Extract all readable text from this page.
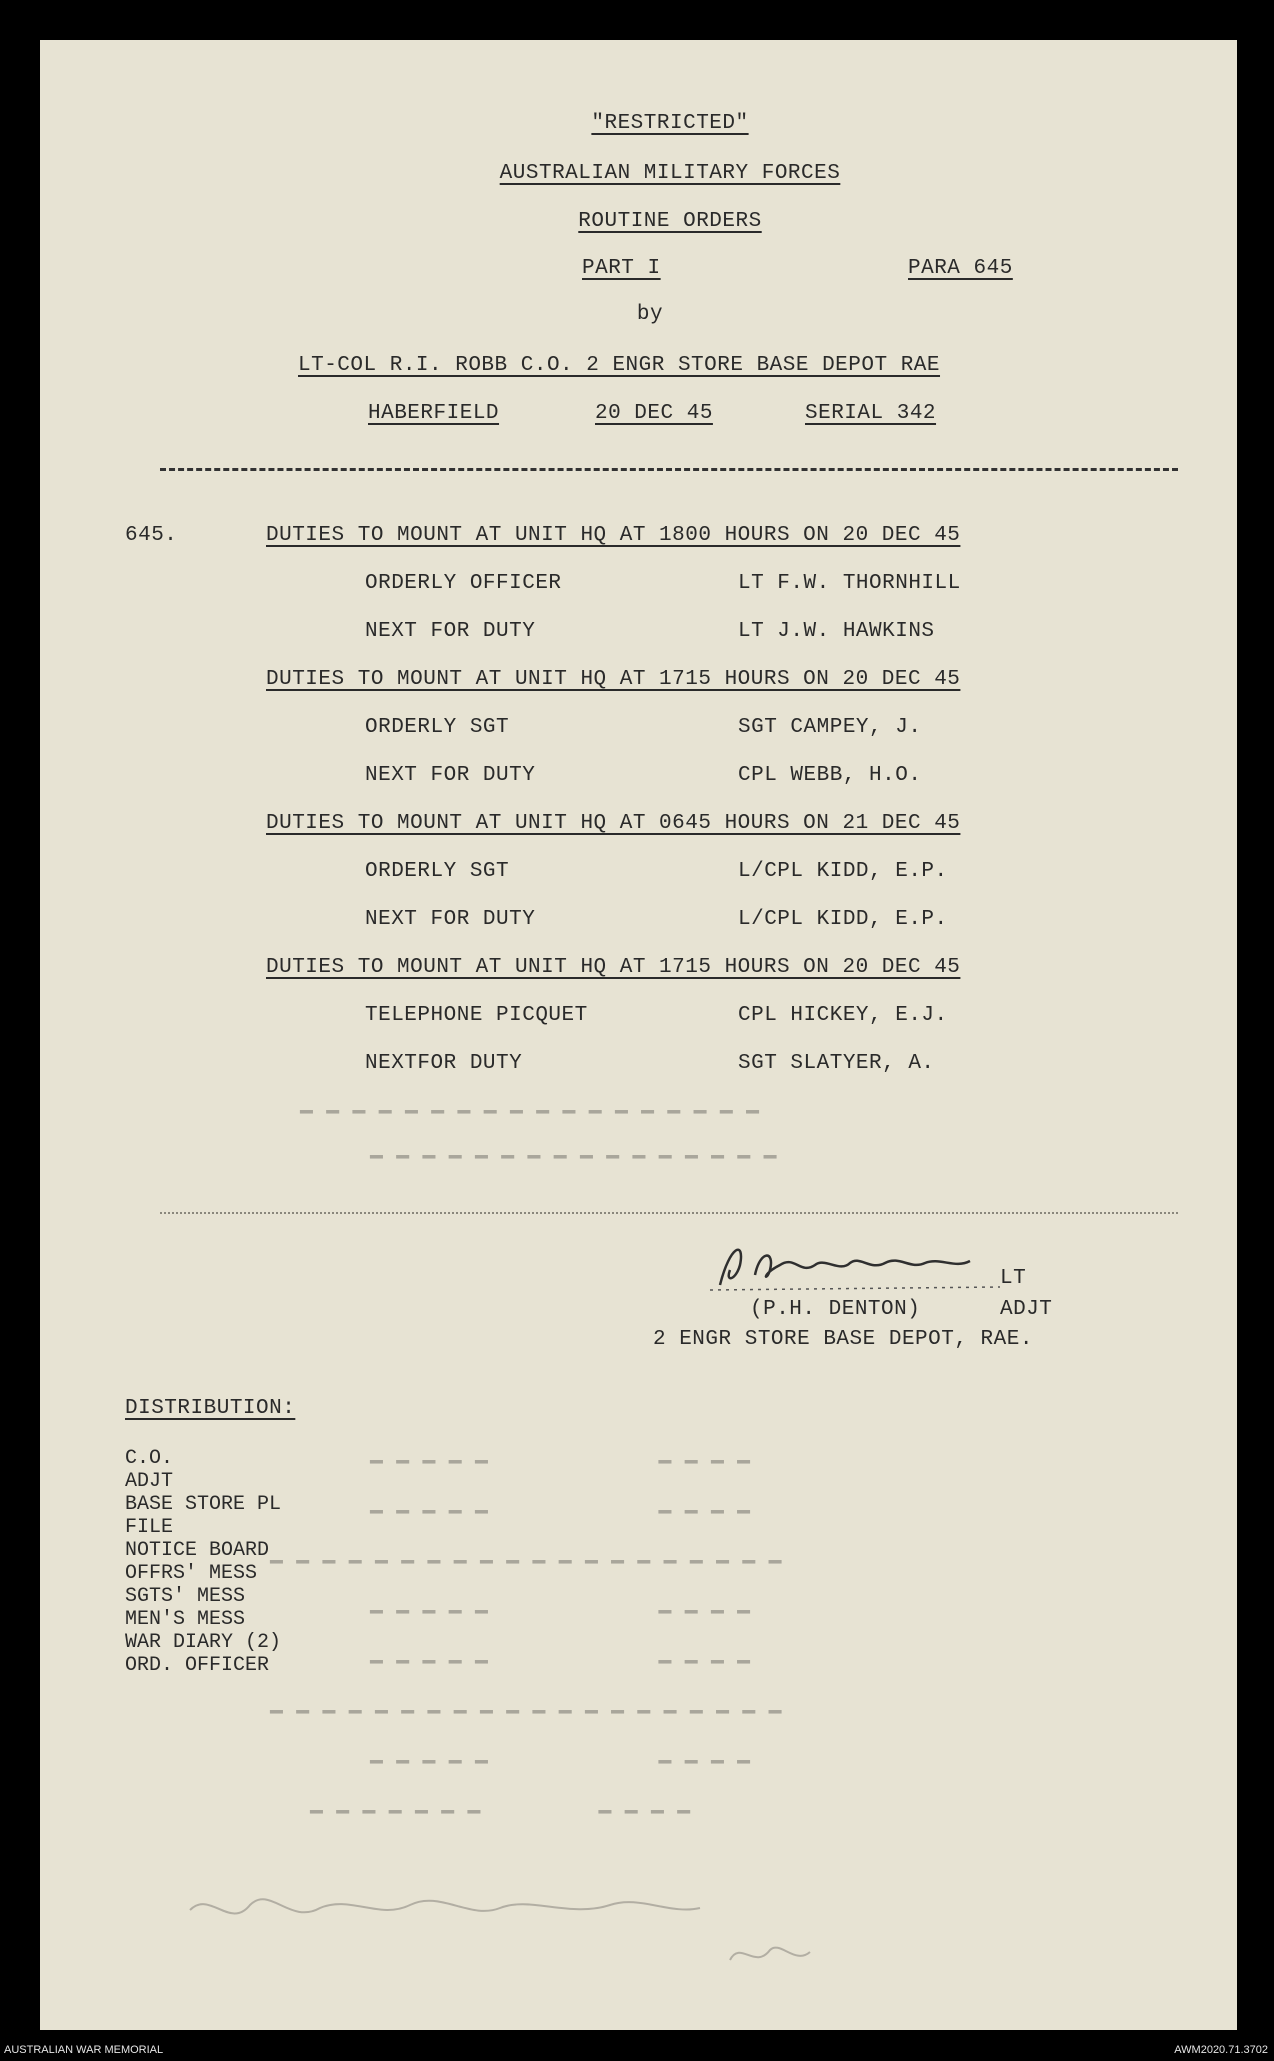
"RESTRICTED"
AUSTRALIAN MILITARY FORCES
ROUTINE ORDERS
PART I	PARA 645
by
LT-COL R.I. ROBB C.O. 2 ENGR STORE BASE DEPOT RAE
HABERFIELD	20 DEC 45	SERIAL 342
645.	DUTIES TO MOUNT AT UNIT HQ AT 1800 HOURS ON 20 DEC 45
ORDERLY OFFICER	LT F.W. THORNHILL
NEXT FOR DUTY	LT J.W. HAWKINS
DUTIES TO MOUNT AT UNIT HQ AT 1715 HOURS ON 20 DEC 45
ORDERLY SGT	SGT CAMPEY, J.
NEXT FOR DUTY	CPL WEBB, H.O.
DUTIES TO MOUNT AT UNIT HQ AT 0645 HOURS ON 21 DEC 45
ORDERLY SGT	L/CPL KIDD, E.P.
NEXT FOR DUTY	L/CPL KIDD, E.P.
DUTIES TO MOUNT AT UNIT HQ AT 1715 HOURS ON 20 DEC 45
TELEPHONE PICQUET	CPL HICKEY, E.J.
NEXTFOR DUTY	SGT SLATYER, A.
━ ━ ━ ━ ━ ━ ━ ━ ━ ━ ━ ━ ━ ━ ━ ━ ━ ━
━ ━ ━ ━ ━ ━ ━ ━ ━ ━ ━ ━ ━ ━ ━ ━
LT
(P.H. DENTON)	ADJT
2 ENGR STORE BASE DEPOT, RAE.
DISTRIBUTION:
C.O.
ADJT
BASE STORE PL
FILE
NOTICE BOARD
OFFRS' MESS
SGTS' MESS
MEN'S MESS
WAR DIARY (2)
ORD. OFFICER
━ ━ ━ ━ ━             ━ ━ ━ ━
━ ━ ━ ━ ━             ━ ━ ━ ━
━ ━ ━ ━ ━ ━ ━ ━ ━ ━ ━ ━ ━ ━ ━ ━ ━ ━ ━ ━
━ ━ ━ ━ ━             ━ ━ ━ ━
━ ━ ━ ━ ━             ━ ━ ━ ━
━ ━ ━ ━ ━ ━ ━ ━ ━ ━ ━ ━ ━ ━ ━ ━ ━ ━ ━ ━
━ ━ ━ ━ ━             ━ ━ ━ ━
━ ━ ━ ━ ━ ━ ━         ━ ━ ━ ━
AUSTRALIAN WAR MEMORIAL	AWM2020.71.3702
